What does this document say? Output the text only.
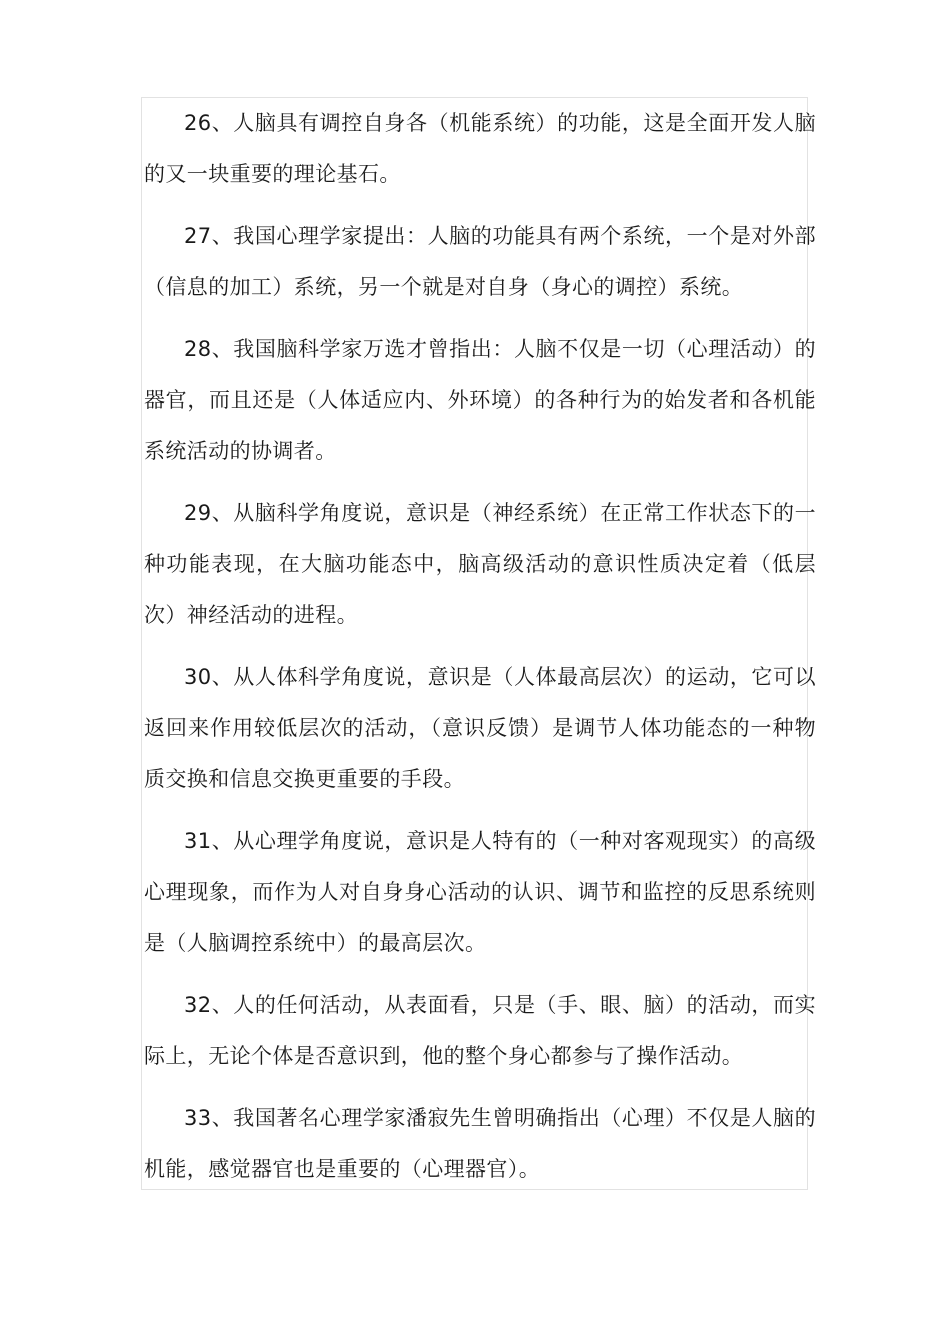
26、人脑具有调控自身各（机能系统）的功能，这是全面开发人脑的又一块重要的理论基石。

27、我国心理学家提出：人脑的功能具有两个系统，一个是对外部（信息的加工）系统，另一个就是对自身（身心的调控）系统。

28、我国脑科学家万选才曾指出：人脑不仅是一切（心理活动）的器官，而且还是（人体适应内、外环境）的各种行为的始发者和各机能系统活动的协调者。

29、从脑科学角度说，意识是（神经系统）在正常工作状态下的一种功能表现，在大脑功能态中，脑高级活动的意识性质决定着（低层次）神经活动的进程。

30、从人体科学角度说，意识是（人体最高层次）的运动，它可以返回来作用较低层次的活动，（意识反馈）是调节人体功能态的一种物质交换和信息交换更重要的手段。

31、从心理学角度说，意识是人特有的（一种对客观现实）的高级心理现象，而作为人对自身身心活动的认识、调节和监控的反思系统则是（人脑调控系统中）的最高层次。

32、人的任何活动，从表面看，只是（手、眼、脑）的活动，而实际上，无论个体是否意识到，他的整个身心都参与了操作活动。

33、我国著名心理学家潘寂先生曾明确指出（心理）不仅是人脑的机能，感觉器官也是重要的（心理器官）。
